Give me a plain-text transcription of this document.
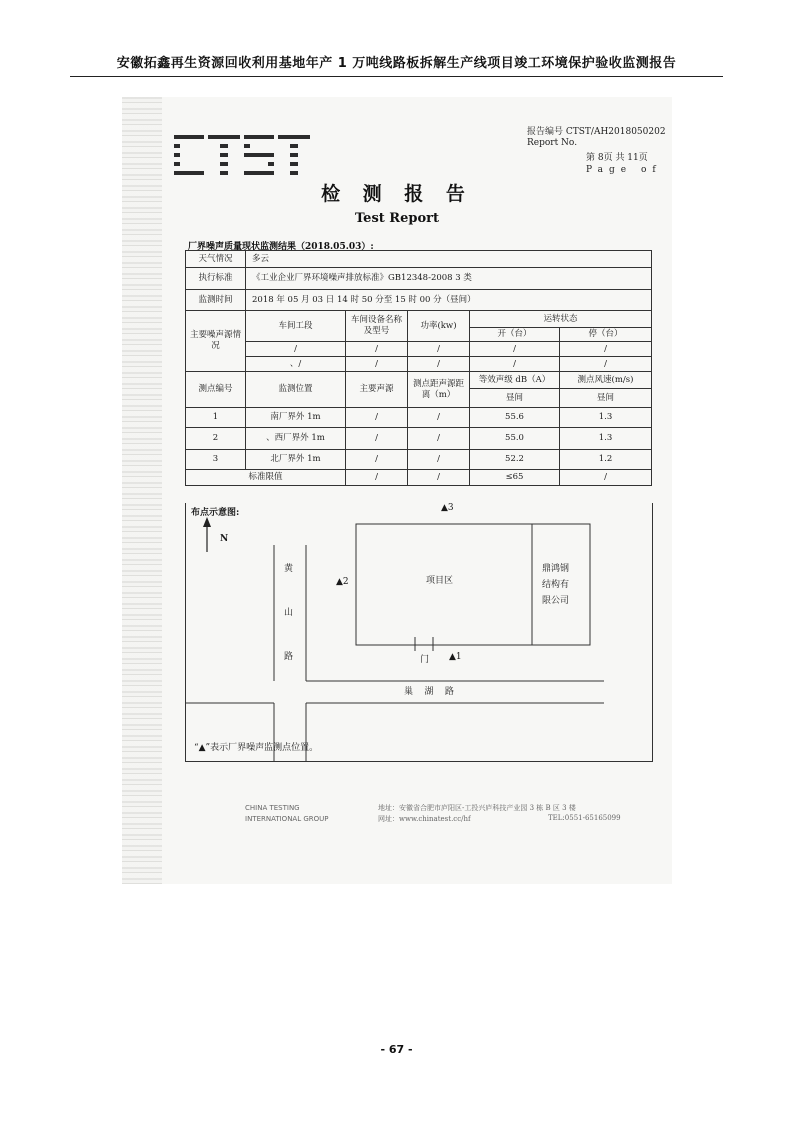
安徽拓鑫再生资源回收利用基地年产 1 万吨线路板拆解生产线项目竣工环境保护验收监测报告
报告编号 CTST/AH2018050202
Report No.
第 8页 共 11页
Page of
检 测 报 告
Test Report
厂界噪声质量现状监测结果（2018.05.03）:
天气情况	多云				
执行标准	《工业企业厂界环境噪声排放标准》GB12348-2008 3 类				
监测时间	2018 年 05 月 03 日 14 时 50 分至 15 时 00 分（昼间）				
主要噪声源情况	车间工段	车间设备名称及型号	功率(kw)	运转状态	
				开（台）	停（台）
	/	/	/	/	/
	、/	/	/	/	/
测点编号	监测位置	主要声源	测点距声源距离（m）	等效声级 dB（A）	测点风速(m/s)
				昼间	昼间
1	南厂界外 1m	/	/	55.6	1.3
2	、西厂界外 1m	/	/	55.0	1.3
3	北厂界外 1m	/	/	52.2	1.2
标准限值		/	/	≤65	/
布点示意图:
N
▲3
▲2
▲1
黄
山
路
项目区
鼎鸿钢
结构有
限公司
门
巢    湖    路
“▲”表示厂界噪声监测点位置。
CHINA TESTING
INTERNATIONAL GROUP
地址：安徽省合肥市庐阳区-工投兴庐科技产业园 3 栋 B 区 3 楼
网址：www.chinatest.cc/hf	TEL:0551-65165099
- 67 -
